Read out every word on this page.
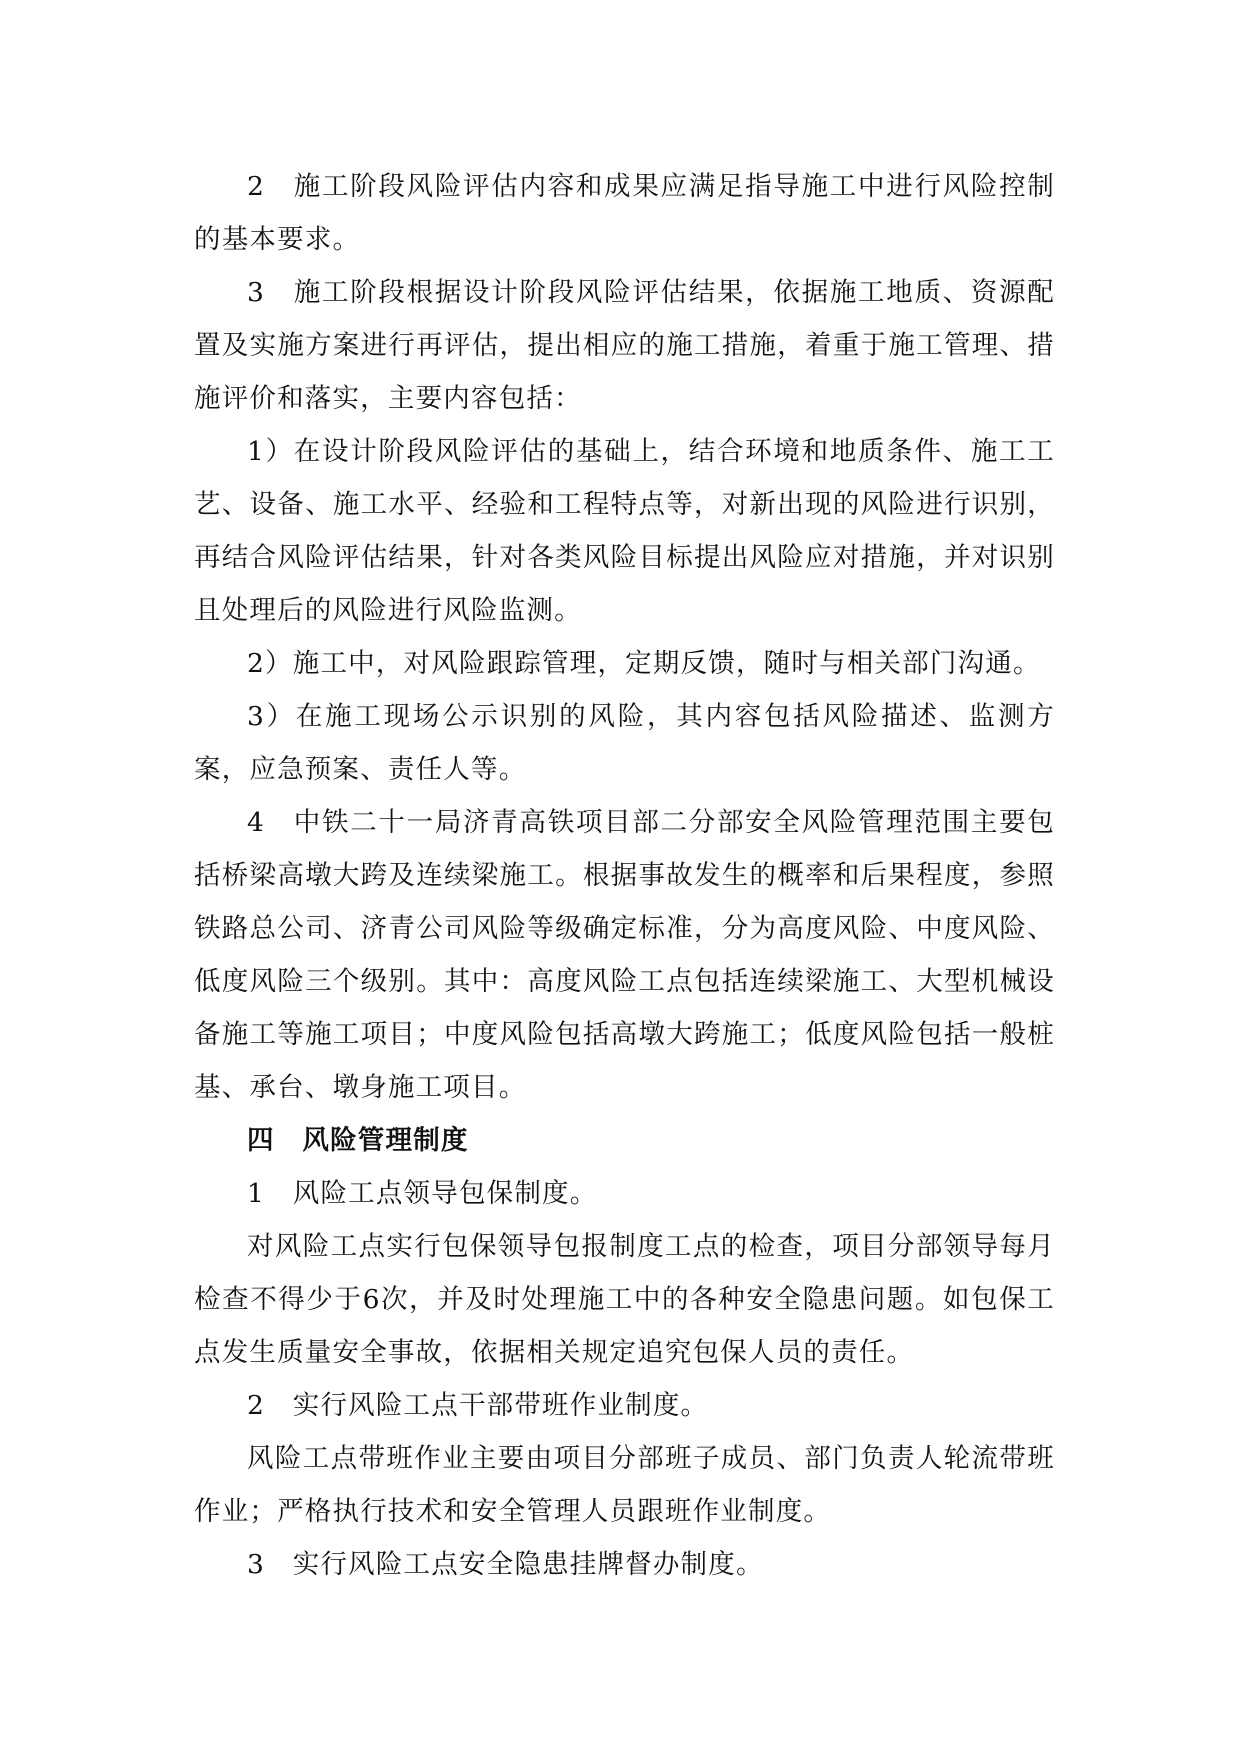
2　施工阶段风险评估内容和成果应满足指导施工中进行风险控制的基本要求。

3　施工阶段根据设计阶段风险评估结果，依据施工地质、资源配置及实施方案进行再评估，提出相应的施工措施，着重于施工管理、措施评价和落实，主要内容包括：

1）在设计阶段风险评估的基础上，结合环境和地质条件、施工工艺、设备、施工水平、经验和工程特点等，对新出现的风险进行识别，再结合风险评估结果，针对各类风险目标提出风险应对措施，并对识别且处理后的风险进行风险监测。

2）施工中，对风险跟踪管理，定期反馈，随时与相关部门沟通。

3）在施工现场公示识别的风险，其内容包括风险描述、监测方案，应急预案、责任人等。

4　中铁二十一局济青高铁项目部二分部安全风险管理范围主要包括桥梁高墩大跨及连续梁施工。根据事故发生的概率和后果程度，参照铁路总公司、济青公司风险等级确定标准，分为高度风险、中度风险、低度风险三个级别。其中：高度风险工点包括连续梁施工、大型机械设备施工等施工项目；中度风险包括高墩大跨施工；低度风险包括一般桩基、承台、墩身施工项目。

四　风险管理制度

1　风险工点领导包保制度。

对风险工点实行包保领导包报制度工点的检查，项目分部领导每月检查不得少于6次，并及时处理施工中的各种安全隐患问题。如包保工点发生质量安全事故，依据相关规定追究包保人员的责任。

2　实行风险工点干部带班作业制度。

风险工点带班作业主要由项目分部班子成员、部门负责人轮流带班作业；严格执行技术和安全管理人员跟班作业制度。

3　实行风险工点安全隐患挂牌督办制度。
